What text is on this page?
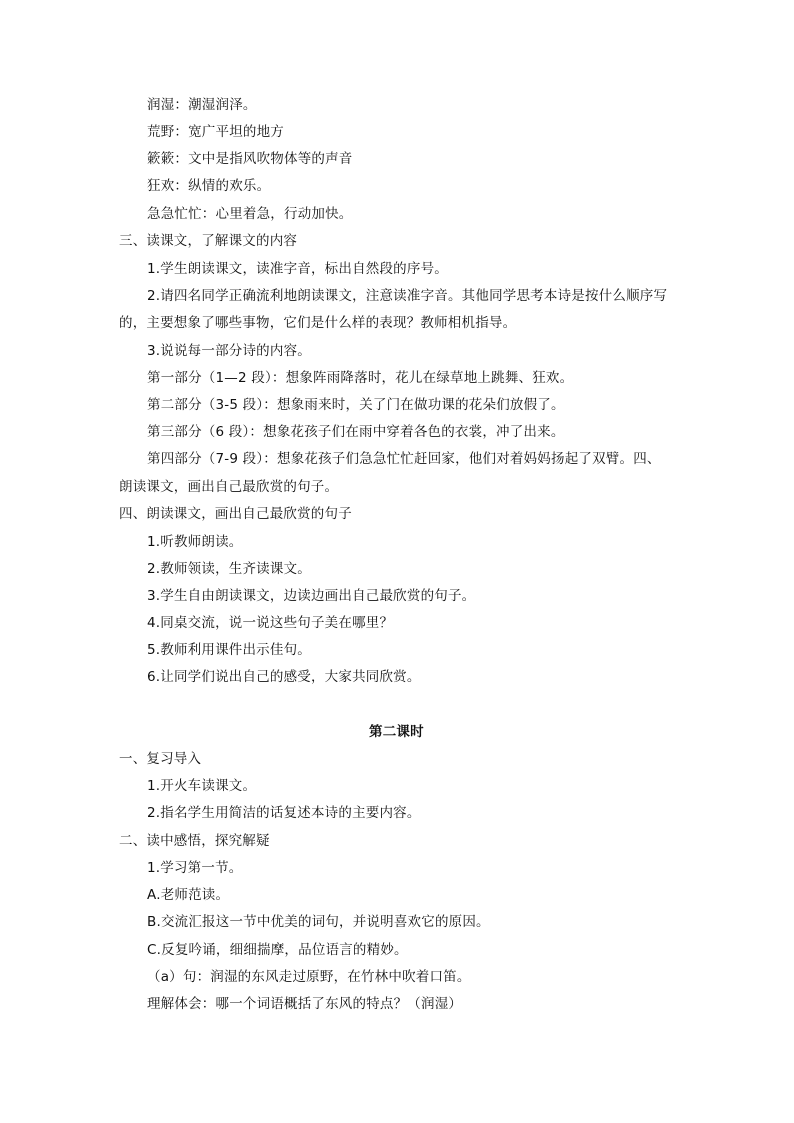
润湿：潮湿润泽。
荒野：宽广平坦的地方
簌簌：文中是指风吹物体等的声音
狂欢：纵情的欢乐。
急急忙忙：心里着急，行动加快。
三、读课文，了解课文的内容
1.学生朗读课文，读准字音，标出自然段的序号。
2.请四名同学正确流利地朗读课文，注意读准字音。其他同学思考本诗是按什么顺序写
的，主要想象了哪些事物，它们是什么样的表现？教师相机指导。
3.说说每一部分诗的内容。
第一部分（1—2 段）：想象阵雨降落时，花儿在绿草地上跳舞、狂欢。
第二部分（3-5 段）：想象雨来时，关了门在做功课的花朵们放假了。
第三部分（6 段）：想象花孩子们在雨中穿着各色的衣裳，冲了出来。
第四部分（7-9 段）：想象花孩子们急急忙忙赶回家，他们对着妈妈扬起了双臂。四、
朗读课文，画出自己最欣赏的句子。
四、朗读课文，画出自己最欣赏的句子
1.听教师朗读。
2.教师领读，生齐读课文。
3.学生自由朗读课文，边读边画出自己最欣赏的句子。
4.同桌交流，说一说这些句子美在哪里？
5.教师利用课件出示佳句。
6.让同学们说出自己的感受，大家共同欣赏。
第二课时
一、复习导入
1.开火车读课文。
2.指名学生用简洁的话复述本诗的主要内容。
二、读中感悟，探究解疑
1.学习第一节。
A.老师范读。
B.交流汇报这一节中优美的词句，并说明喜欢它的原因。
C.反复吟诵，细细揣摩，品位语言的精妙。
（a）句：润湿的东风走过原野，在竹林中吹着口笛。
理解体会：哪一个词语概括了东风的特点？（润湿）
